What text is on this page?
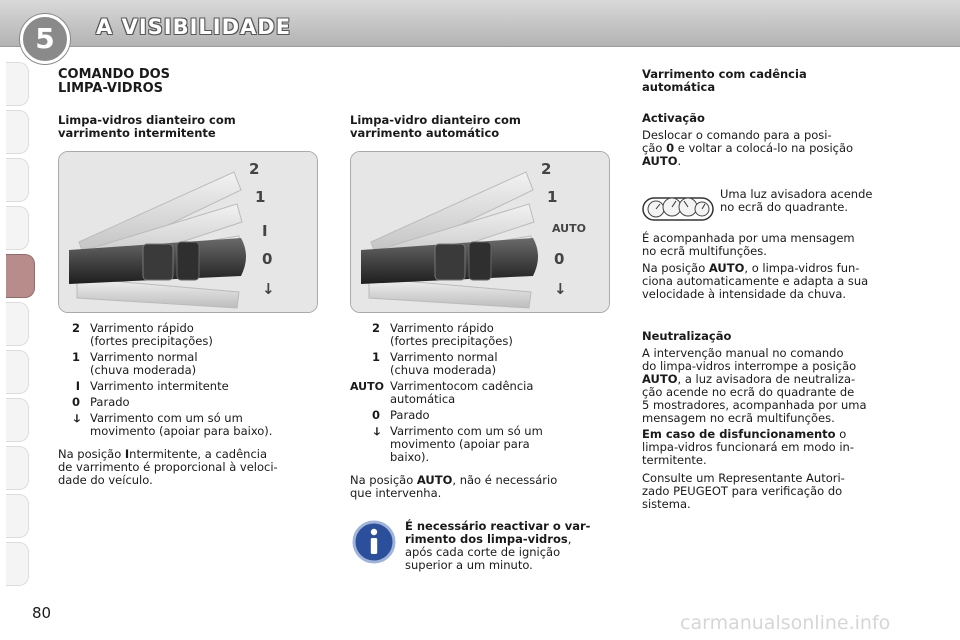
5	A VISIBILIDADE
COMANDO DOS
LIMPA-VIDROS
Limpa-vidros dianteiro com
varrimento intermitente
2
1
I
0
↓
2 Varrimento rápido
(fortes precipitações)
1 Varrimento normal
(chuva moderada)
I Varrimento intermitente
0 Parado
ↆ Varrimento com um só um
movimento (apoiar para baixo).

Na posição Intermitente, a cadência
de varrimento é proporcional à veloci-
dade do veículo.

Limpa-vidro dianteiro com
varrimento automático
2
1
AUTO
0
↓
2 Varrimento rápido
(fortes precipitações)
1 Varrimento normal
(chuva moderada)
AUTO Varrimentocom cadência
automática
0 Parado
ↆ Varrimento com um só um
movimento (apoiar para
baixo).

Na posição AUTO, não é necessário
que intervenha.

É necessário reactivar o var-
rimento dos limpa-vidros,
após cada corte de ignição
superior a um minuto.

Varrimento com cadência
automática
Activação

Deslocar o comando para a posi-
ção 0 e voltar a colocá-lo na posição
AUTO.

Uma luz avisadora acende
no ecrã do quadrante.

É acompanhada por uma mensagem
no ecrã multifunções.

Na posição AUTO, o limpa-vidros fun-
ciona automaticamente e adapta a sua
velocidade à intensidade da chuva.

Neutralização

A intervenção manual no comando
do limpa-vidros interrompe a posição
AUTO, a luz avisadora de neutraliza-
ção acende no ecrã do quadrante de
5 mostradores, acompanhada por uma
mensagem no ecrã multifunções.

Em caso de disfuncionamento o
limpa-vidros funcionará em modo in-
termitente.

Consulte um Representante Autori-
zado PEUGEOT para verificação do
sistema.

80	carmanualsonline.info
